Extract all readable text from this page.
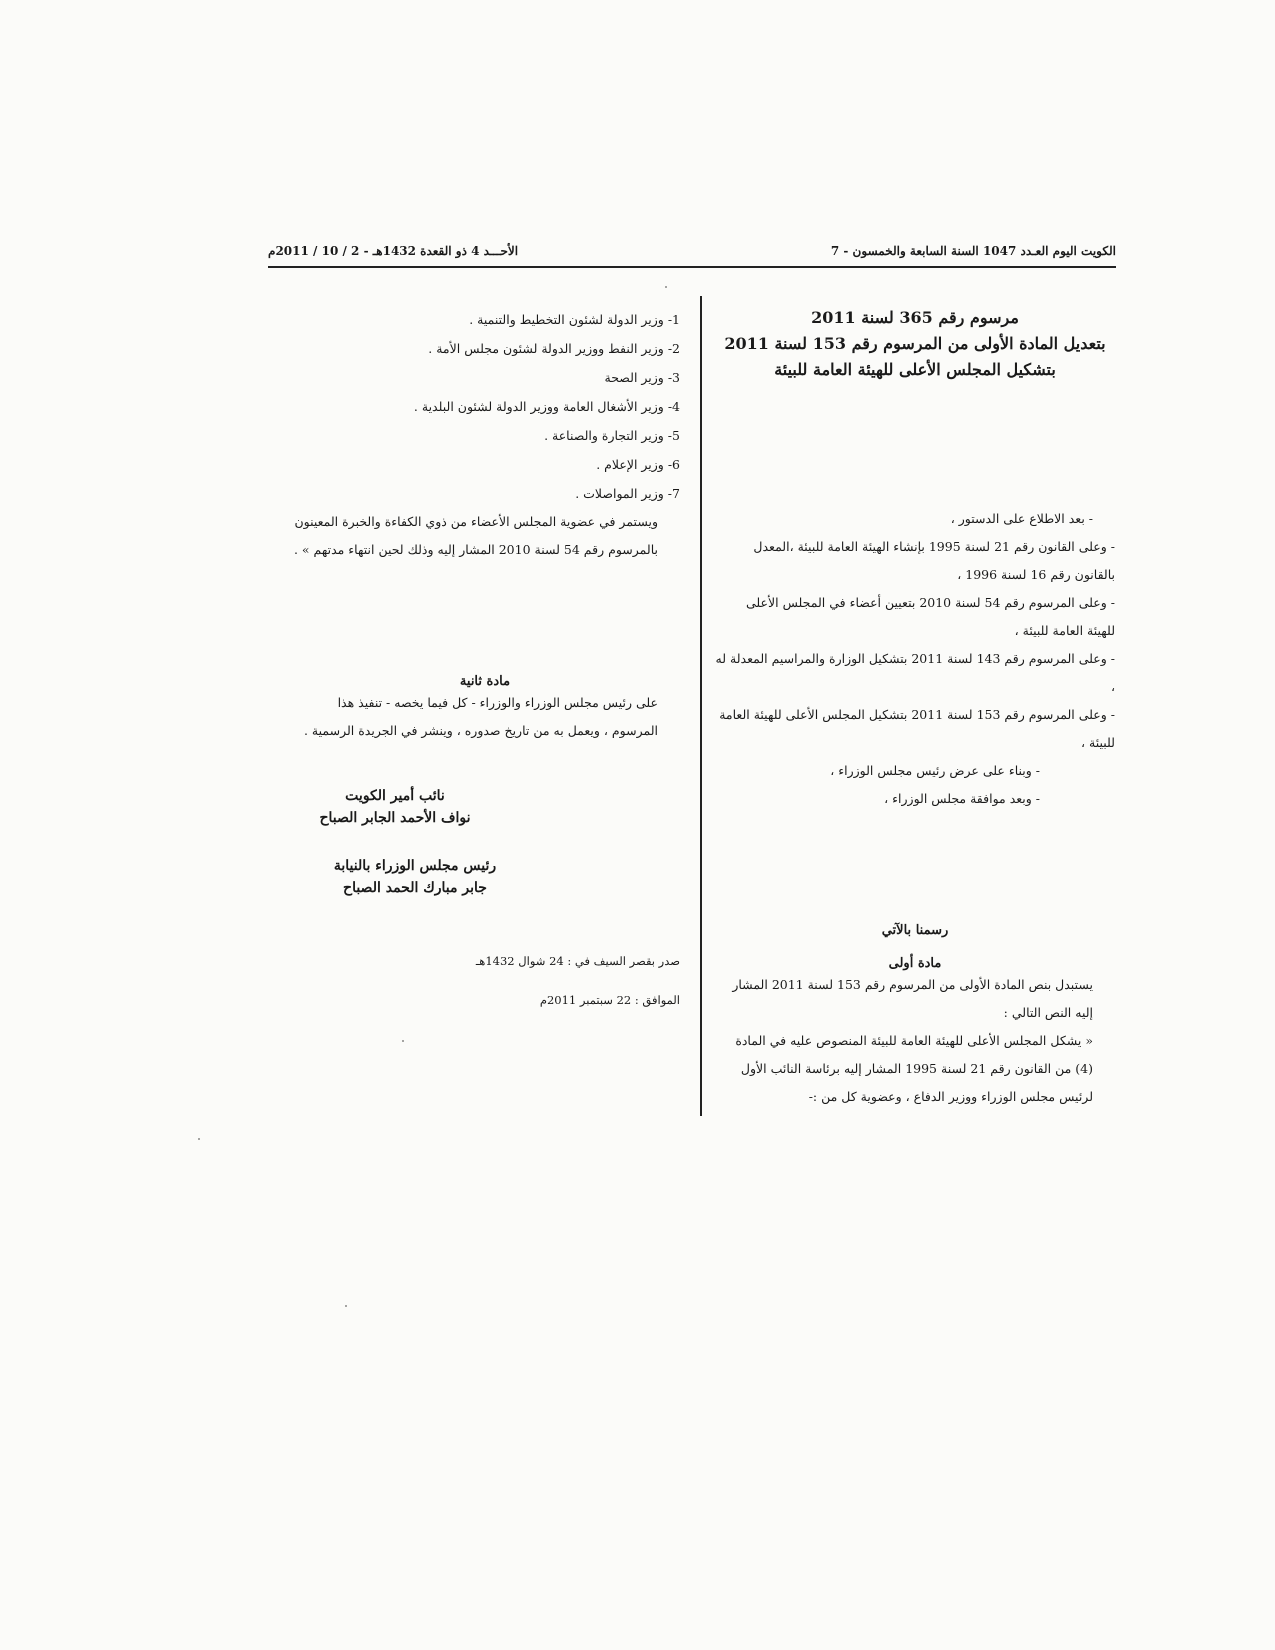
الأحـــد 4 ذو القعدة 1432هـ - 2 / 10 / 2011م	الكويت اليوم العـدد 1047 السنة السابعة والخمسون - 7
مرسوم رقم 365 لسنة 2011
بتعديل المادة الأولى من المرسوم رقم 153 لسنة 2011
بتشكيل المجلس الأعلى للهيئة العامة للبيئة

- بعد الاطلاع على الدستور ،

- وعلى القانون رقم 21 لسنة 1995 بإنشاء الهيئة العامة للبيئة ،المعدل بالقانون رقم 16 لسنة 1996 ،

- وعلى المرسوم رقم 54 لسنة 2010 بتعيين أعضاء في المجلس الأعلى للهيئة العامة للبيئة ،

- وعلى المرسوم رقم 143 لسنة 2011 بتشكيل الوزارة والمراسيم المعدلة له ،

- وعلى المرسوم رقم 153 لسنة 2011 بتشكيل المجلس الأعلى للهيئة العامة للبيئة ،

- وبناء على عرض رئيس مجلس الوزراء ،

- وبعد موافقة مجلس الوزراء ،

رسمنا بالآتي

مادة أولى

يستبدل بنص المادة الأولى من المرسوم رقم 153 لسنة 2011 المشار إليه النص التالي :

« يشكل المجلس الأعلى للهيئة العامة للبيئة المنصوص عليه في المادة (4) من القانون رقم 21 لسنة 1995 المشار إليه برئاسة النائب الأول لرئيس مجلس الوزراء ووزير الدفاع ، وعضوية كل من :-

1- وزير الدولة لشئون التخطيط والتنمية .

2- وزير النفط ووزير الدولة لشئون مجلس الأمة .

3- وزير الصحة

4- وزير الأشغال العامة ووزير الدولة لشئون البلدية .

5- وزير التجارة والصناعة .

6- وزير الإعلام .

7- وزير المواصلات .

ويستمر في عضوية المجلس الأعضاء من ذوي الكفاءة والخبرة المعينون بالمرسوم رقم 54 لسنة 2010 المشار إليه وذلك لحين انتهاء مدتهم » .

مادة ثانية

على رئيس مجلس الوزراء والوزراء - كل فيما يخصه - تنفيذ هذا المرسوم ، ويعمل به من تاريخ صدوره ، وينشر في الجريدة الرسمية .

نائب أمير الكويت
نواف الأحمد الجابر الصباح
رئيس مجلس الوزراء بالنيابة
جابر مبارك الحمد الصباح

صدر بقصر السيف في : 24 شوال 1432هـ

الموافق : 22 سبتمبر 2011م
